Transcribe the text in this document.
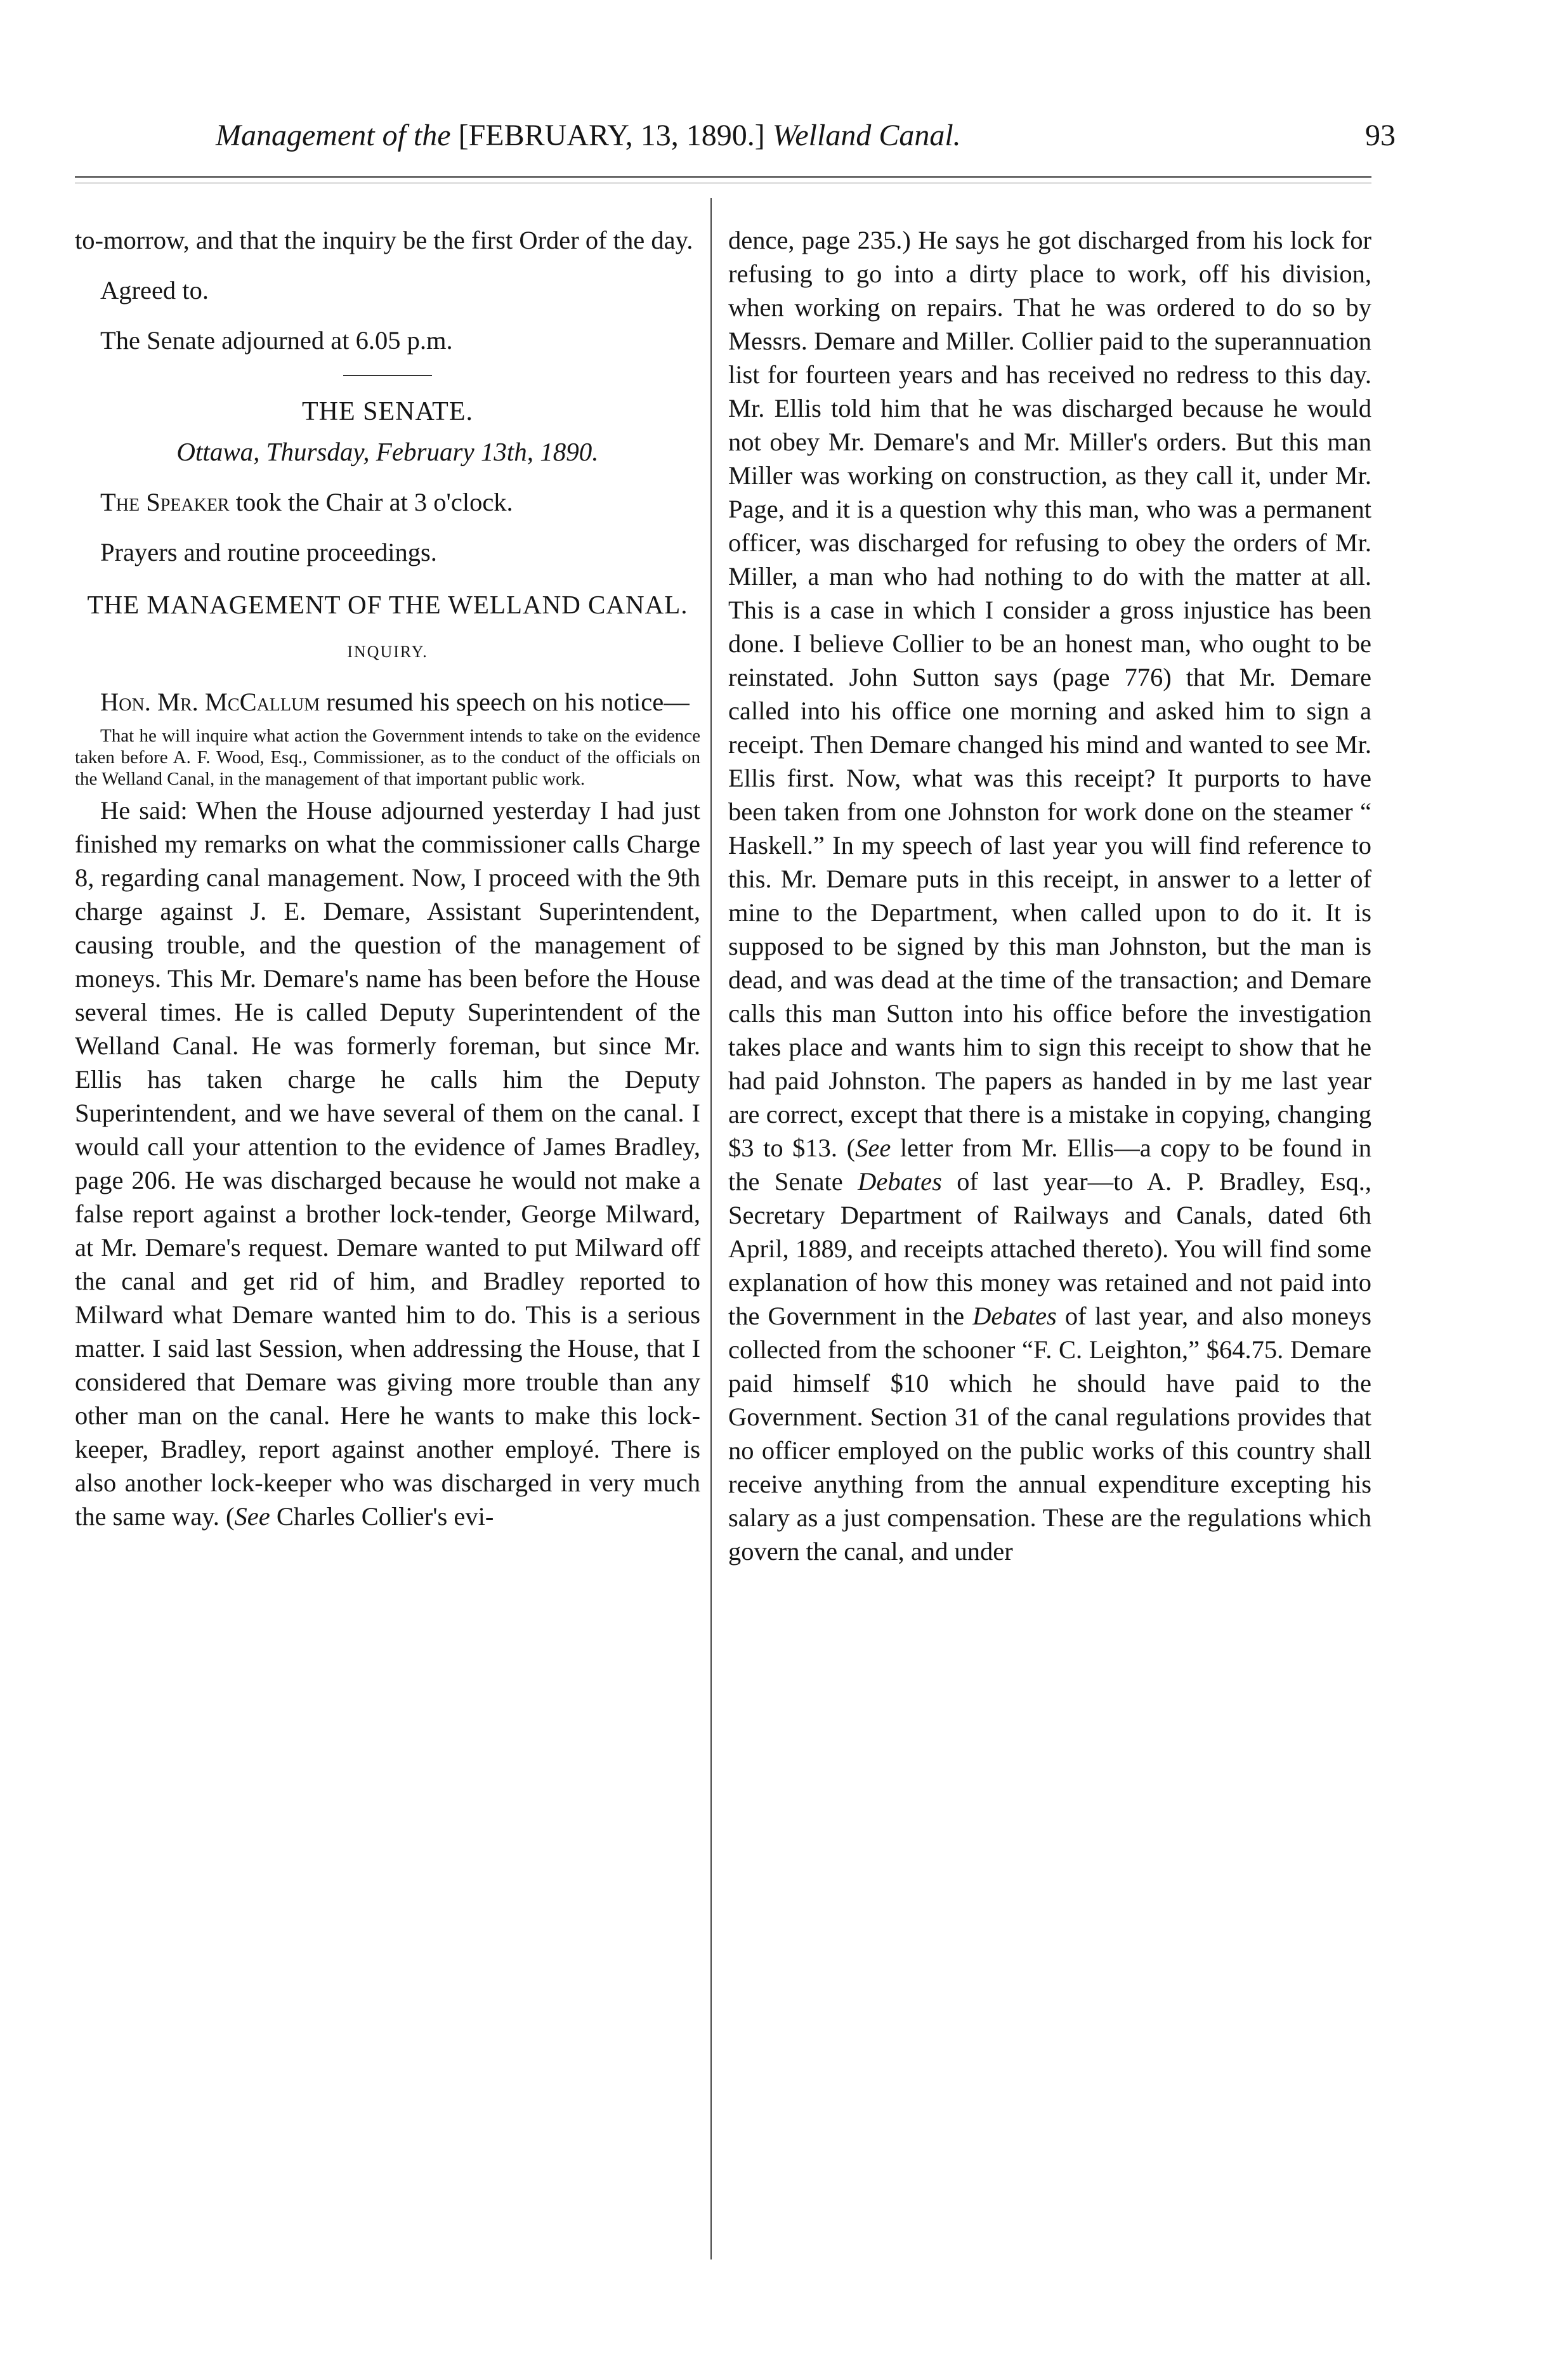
Management of the [FEBRUARY, 13, 1890.] Welland Canal.	93

to-morrow, and that the inquiry be the first Order of the day.

Agreed to.

The Senate adjourned at 6.05 p.m.

THE SENATE.

Ottawa, Thursday, February 13th, 1890.

The Speaker took the Chair at 3 o'clock.

Prayers and routine proceedings.

THE MANAGEMENT OF THE WELLAND CANAL.

INQUIRY.

Hon. Mr. McCallum resumed his speech on his notice—

That he will inquire what action the Government intends to take on the evidence taken before A. F. Wood, Esq., Commissioner, as to the conduct of the officials on the Welland Canal, in the management of that important public work.

He said: When the House adjourned yesterday I had just finished my remarks on what the commissioner calls Charge 8, regarding canal management. Now, I proceed with the 9th charge against J. E. Demare, Assistant Superintendent, causing trouble, and the question of the management of moneys. This Mr. Demare's name has been before the House several times. He is called Deputy Superintendent of the Welland Canal. He was formerly foreman, but since Mr. Ellis has taken charge he calls him the Deputy Superintendent, and we have several of them on the canal. I would call your attention to the evidence of James Bradley, page 206. He was discharged because he would not make a false report against a brother lock-tender, George Milward, at Mr. Demare's request. Demare wanted to put Milward off the canal and get rid of him, and Bradley reported to Milward what Demare wanted him to do. This is a serious matter. I said last Session, when addressing the House, that I considered that Demare was giving more trouble than any other man on the canal. Here he wants to make this lock-keeper, Bradley, report against another employé. There is also another lock-keeper who was discharged in very much the same way. (See Charles Collier's evi-

dence, page 235.) He says he got discharged from his lock for refusing to go into a dirty place to work, off his division, when working on repairs. That he was ordered to do so by Messrs. Demare and Miller. Collier paid to the superannuation list for fourteen years and has received no redress to this day. Mr. Ellis told him that he was discharged because he would not obey Mr. Demare's and Mr. Miller's orders. But this man Miller was working on construction, as they call it, under Mr. Page, and it is a question why this man, who was a permanent officer, was discharged for refusing to obey the orders of Mr. Miller, a man who had nothing to do with the matter at all. This is a case in which I consider a gross injustice has been done. I believe Collier to be an honest man, who ought to be reinstated. John Sutton says (page 776) that Mr. Demare called into his office one morning and asked him to sign a receipt. Then Demare changed his mind and wanted to see Mr. Ellis first. Now, what was this receipt? It purports to have been taken from one Johnston for work done on the steamer “ Haskell.” In my speech of last year you will find reference to this. Mr. Demare puts in this receipt, in answer to a letter of mine to the Department, when called upon to do it. It is supposed to be signed by this man Johnston, but the man is dead, and was dead at the time of the transaction; and Demare calls this man Sutton into his office before the investigation takes place and wants him to sign this receipt to show that he had paid Johnston. The papers as handed in by me last year are correct, except that there is a mistake in copying, changing $3 to $13. (See letter from Mr. Ellis—a copy to be found in the Senate Debates of last year—to A. P. Bradley, Esq., Secretary Department of Railways and Canals, dated 6th April, 1889, and receipts attached thereto). You will find some explanation of how this money was retained and not paid into the Government in the Debates of last year, and also moneys collected from the schooner “F. C. Leighton,” $64.75. Demare paid himself $10 which he should have paid to the Government. Section 31 of the canal regulations provides that no officer employed on the public works of this country shall receive anything from the annual expenditure excepting his salary as a just compensation. These are the regulations which govern the canal, and under
